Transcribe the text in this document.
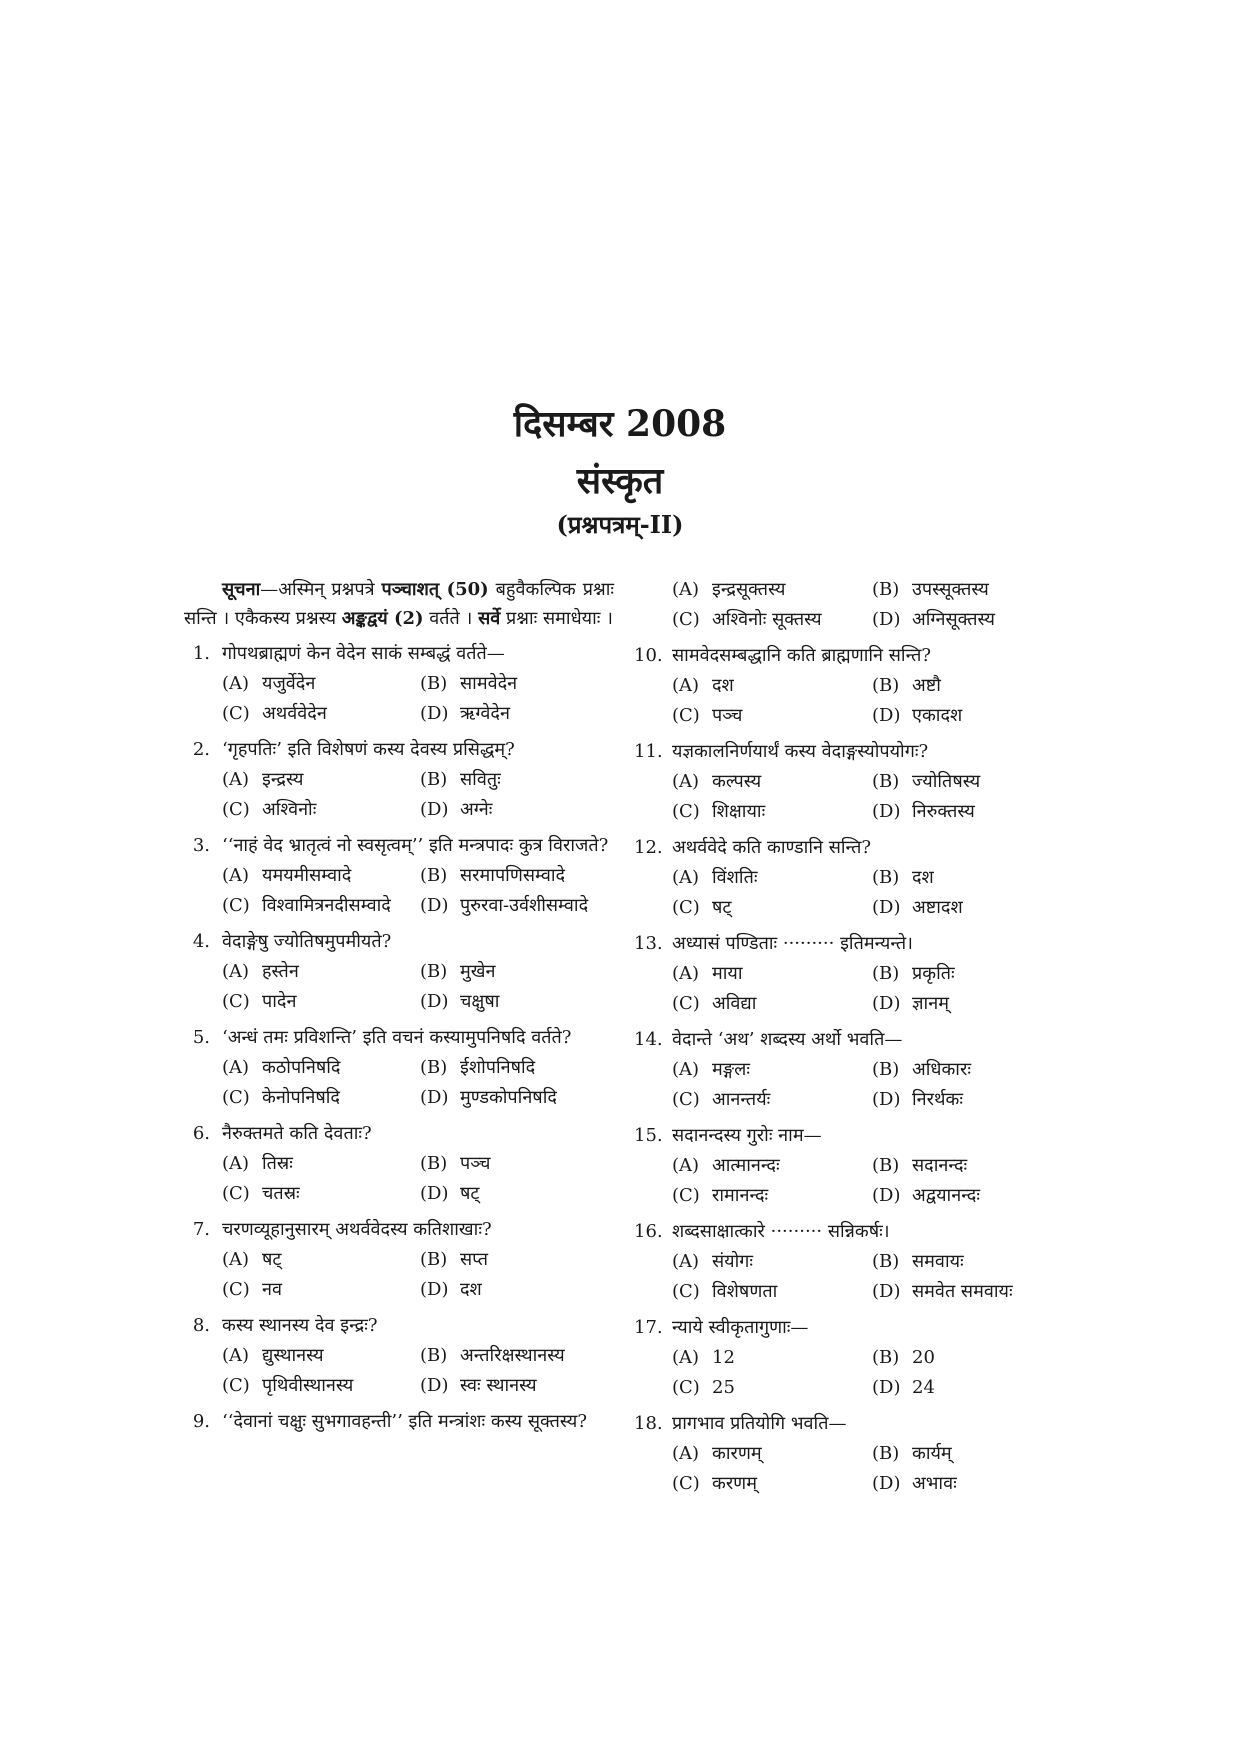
दिसम्बर 2008
संस्कृत
(प्रश्नपत्रम्-II)
सूचना—अस्मिन् प्रश्नपत्रे पञ्चाशत् (50) बहुवैकल्पिक प्रश्नाः सन्ति । एकैकस्य प्रश्नस्य अङ्कद्वयं (2) वर्तते । सर्वे प्रश्नाः समाधेयाः ।
1. गोपथब्राह्मणं केन वेदेन साकं सम्बद्धं वर्तते—
(A) यजुर्वेदेन	(B) सामवेदेन
(C) अथर्ववेदेन	(D) ऋग्वेदेन
2. ‘गृहपतिः’ इति विशेषणं कस्य देवस्य प्रसिद्धम्?
(A) इन्द्रस्य	(B) सवितुः
(C) अश्विनोः	(D) अग्नेः
3. ‘‘नाहं वेद भ्रातृत्वं नो स्वसृत्वम्’’ इति मन्त्रपादः कुत्र विराजते?
(A) यमयमीसम्वादे	(B) सरमापणिसम्वादे
(C) विश्वामित्रनदीसम्वादे	(D) पुरुरवा-उर्वशीसम्वादे
4. वेदाङ्गेषु ज्योतिषमुपमीयते?
(A) हस्तेन	(B) मुखेन
(C) पादेन	(D) चक्षुषा
5. ‘अन्धं तमः प्रविशन्ति’ इति वचनं कस्यामुपनिषदि वर्तते?
(A) कठोपनिषदि	(B) ईशोपनिषदि
(C) केनोपनिषदि	(D) मुण्डकोपनिषदि
6. नैरुक्तमते कति देवताः?
(A) तिस्रः	(B) पञ्च
(C) चतस्रः	(D) षट्
7. चरणव्यूहानुसारम् अथर्ववेदस्य कतिशाखाः?
(A) षट्	(B) सप्त
(C) नव	(D) दश
8. कस्य स्थानस्य देव इन्द्रः?
(A) द्युस्थानस्य	(B) अन्तरिक्षस्थानस्य
(C) पृथिवीस्थानस्य	(D) स्वः स्थानस्य
9. ‘‘देवानां चक्षुः सुभगावहन्ती’’ इति मन्त्रांशः कस्य सूक्तस्य?
(A) इन्द्रसूक्तस्य	(B) उपस्सूक्तस्य
(C) अश्विनोः सूक्तस्य	(D) अग्निसूक्तस्य
10. सामवेदसम्बद्धानि कति ब्राह्मणानि सन्ति?
(A) दश	(B) अष्टौ
(C) पञ्च	(D) एकादश
11. यज्ञकालनिर्णयार्थं कस्य वेदाङ्गस्योपयोगः?
(A) कल्पस्य	(B) ज्योतिषस्य
(C) शिक्षायाः	(D) निरुक्तस्य
12. अथर्ववेदे कति काण्डानि सन्ति?
(A) विंशतिः	(B) दश
(C) षट्	(D) अष्टादश
13. अध्यासं पण्डिताः ········· इतिमन्यन्ते।
(A) माया	(B) प्रकृतिः
(C) अविद्या	(D) ज्ञानम्
14. वेदान्ते ‘अथ’ शब्दस्य अर्थो भवति—
(A) मङ्गलः	(B) अधिकारः
(C) आनन्तर्यः	(D) निरर्थकः
15. सदानन्दस्य गुरोः नाम—
(A) आत्मानन्दः	(B) सदानन्दः
(C) रामानन्दः	(D) अद्वयानन्दः
16. शब्दसाक्षात्कारे ········· सन्निकर्षः।
(A) संयोगः	(B) समवायः
(C) विशेषणता	(D) समवेत समवायः
17. न्याये स्वीकृतागुणाः—
(A) 12	(B) 20
(C) 25	(D) 24
18. प्रागभाव प्रतियोगि भवति—
(A) कारणम्	(B) कार्यम्
(C) करणम्	(D) अभावः
